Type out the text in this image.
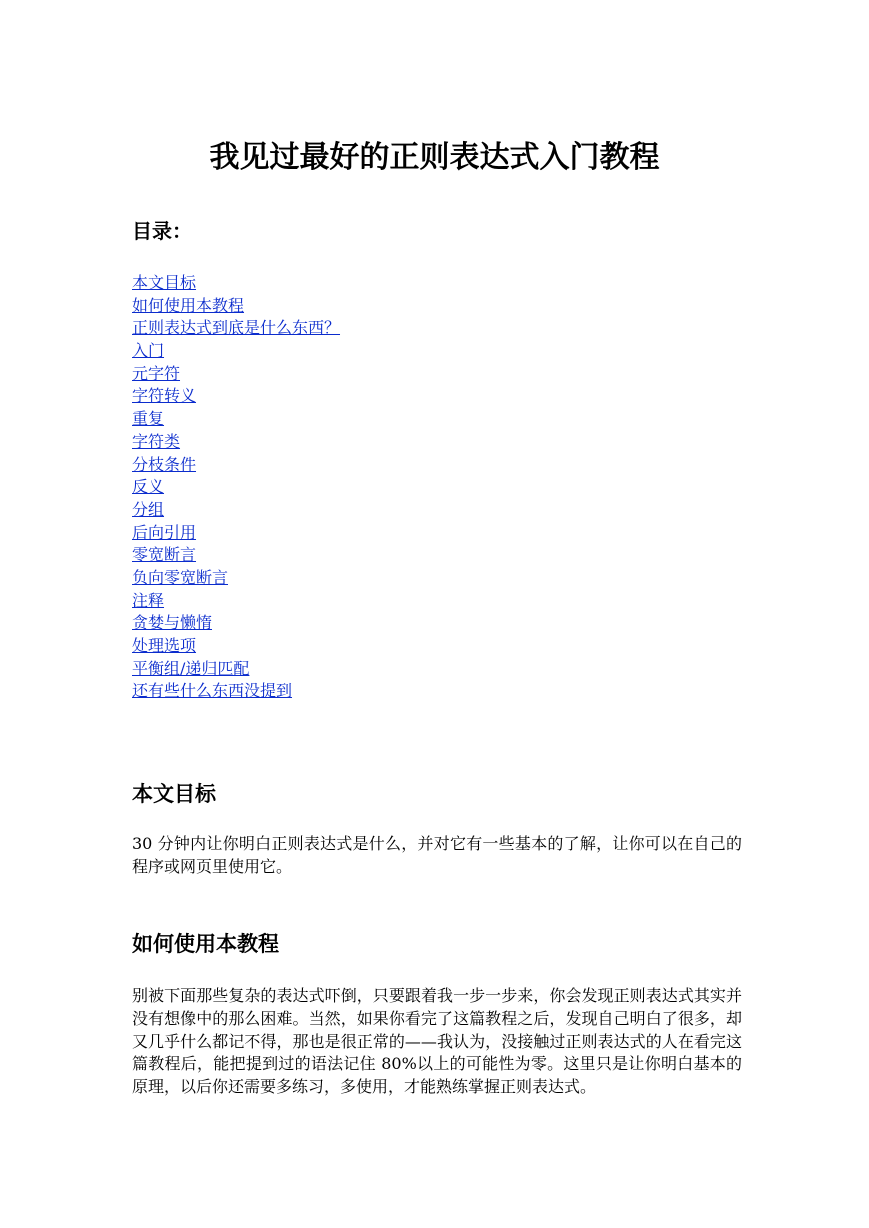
我见过最好的正则表达式入门教程
目录：
本文目标
如何使用本教程
正则表达式到底是什么东西？
入门
元字符
字符转义
重复
字符类
分枝条件
反义
分组
后向引用
零宽断言
负向零宽断言
注释
贪婪与懒惰
处理选项
平衡组/递归匹配
还有些什么东西没提到
本文目标

30 分钟内让你明白正则表达式是什么，并对它有一些基本的了解，让你可以在自己的程序或网页里使用它。

如何使用本教程

别被下面那些复杂的表达式吓倒，只要跟着我一步一步来，你会发现正则表达式其实并没有想像中的那么困难。当然，如果你看完了这篇教程之后，发现自己明白了很多，却又几乎什么都记不得，那也是很正常的——我认为，没接触过正则表达式的人在看完这篇教程后，能把提到过的语法记住 80%以上的可能性为零。这里只是让你明白基本的原理，以后你还需要多练习，多使用，才能熟练掌握正则表达式。
